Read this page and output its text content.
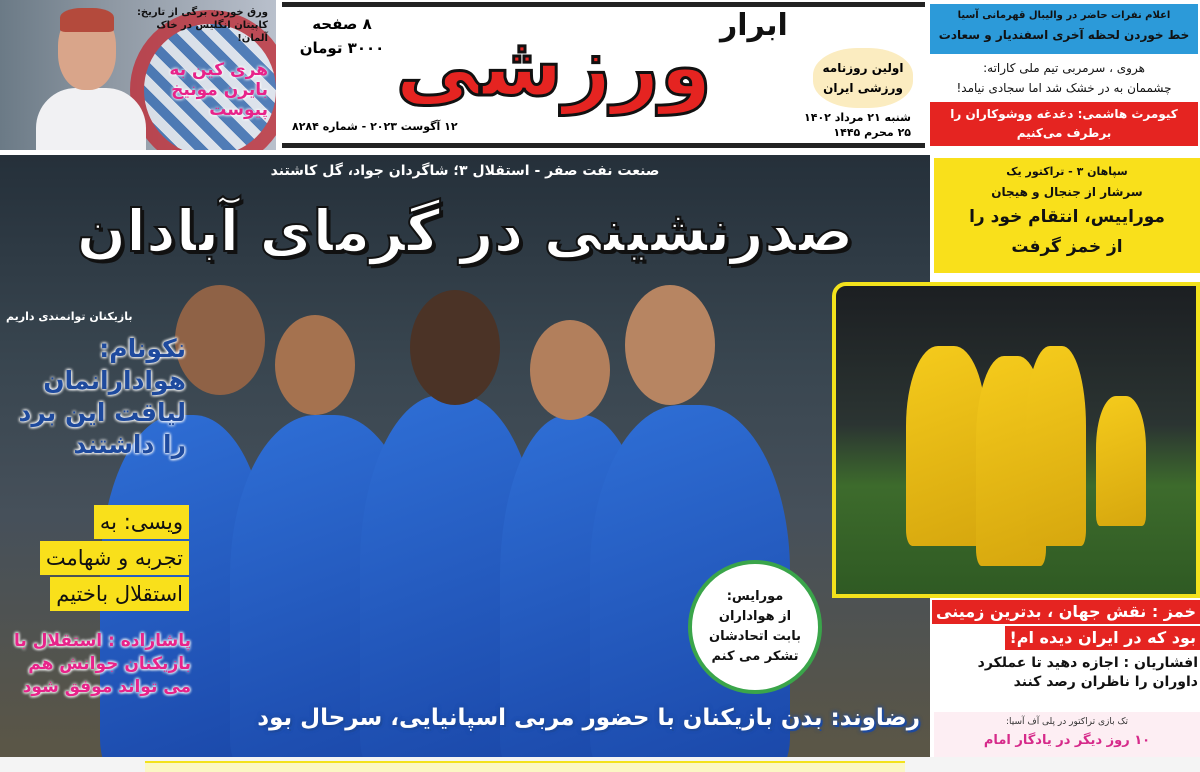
ورق خوردن برگی از تاریخ: کاپیتان انگلیس در خاک آلمان!
هری کین به بایرن مونیخ پیوست
۸ صفحه
۳۰۰۰ تومان
۱۲ آگوست ۲۰۲۳ - شماره ۸۲۸۴
ورزشی ابرار
اولین روزنامه
ورزشی ایران
شنبه ۲۱ مرداد ۱۴۰۲
۲۵ محرم ۱۴۴۵
اعلام نفرات حاضر در والیبال قهرمانی آسیا
خط خوردن لحظه آخری اسفندیار و سعادت
هروی ، سرمربی تیم ملی کاراته:
چشممان به در خشک شد اما سجادی نیامد!
کیومرث هاشمی: دغدغه ووشوکاران را
برطرف می‌کنیم
صنعت نفت صفر - استقلال ۳؛ شاگردان جواد، گل کاشتند
صدرنشینی در گرمای آبادان
بازیکنان توانمندی داریم
نکونام: هوادارانمان لیاقت این برد را داشتند
ویسی: به
تجربه و شهامت
استقلال باختیم
پاشازاده : استقلال با بازیکنان جوانش هم می تواند موفق شود
رضاوند: بدن بازیکنان با حضور مربی اسپانیایی، سرحال بود
مورایس:
از هواداران
بابت اتحادشان
تشکر می کنم
سپاهان ۳ - تراکتور یک
سرشار از جنجال و هیجان
موراییس، انتقام خود را
از خمز گرفت
خمز : نقش جهان ، بدترین زمینی
بود که در ایران دیده ام!
افشاریان : اجازه دهید تا عملکرد داوران را ناظران رصد کنند
تک بازی تراکتور در پلی آف آسیا:
۱۰ روز دیگر در یادگار امام
